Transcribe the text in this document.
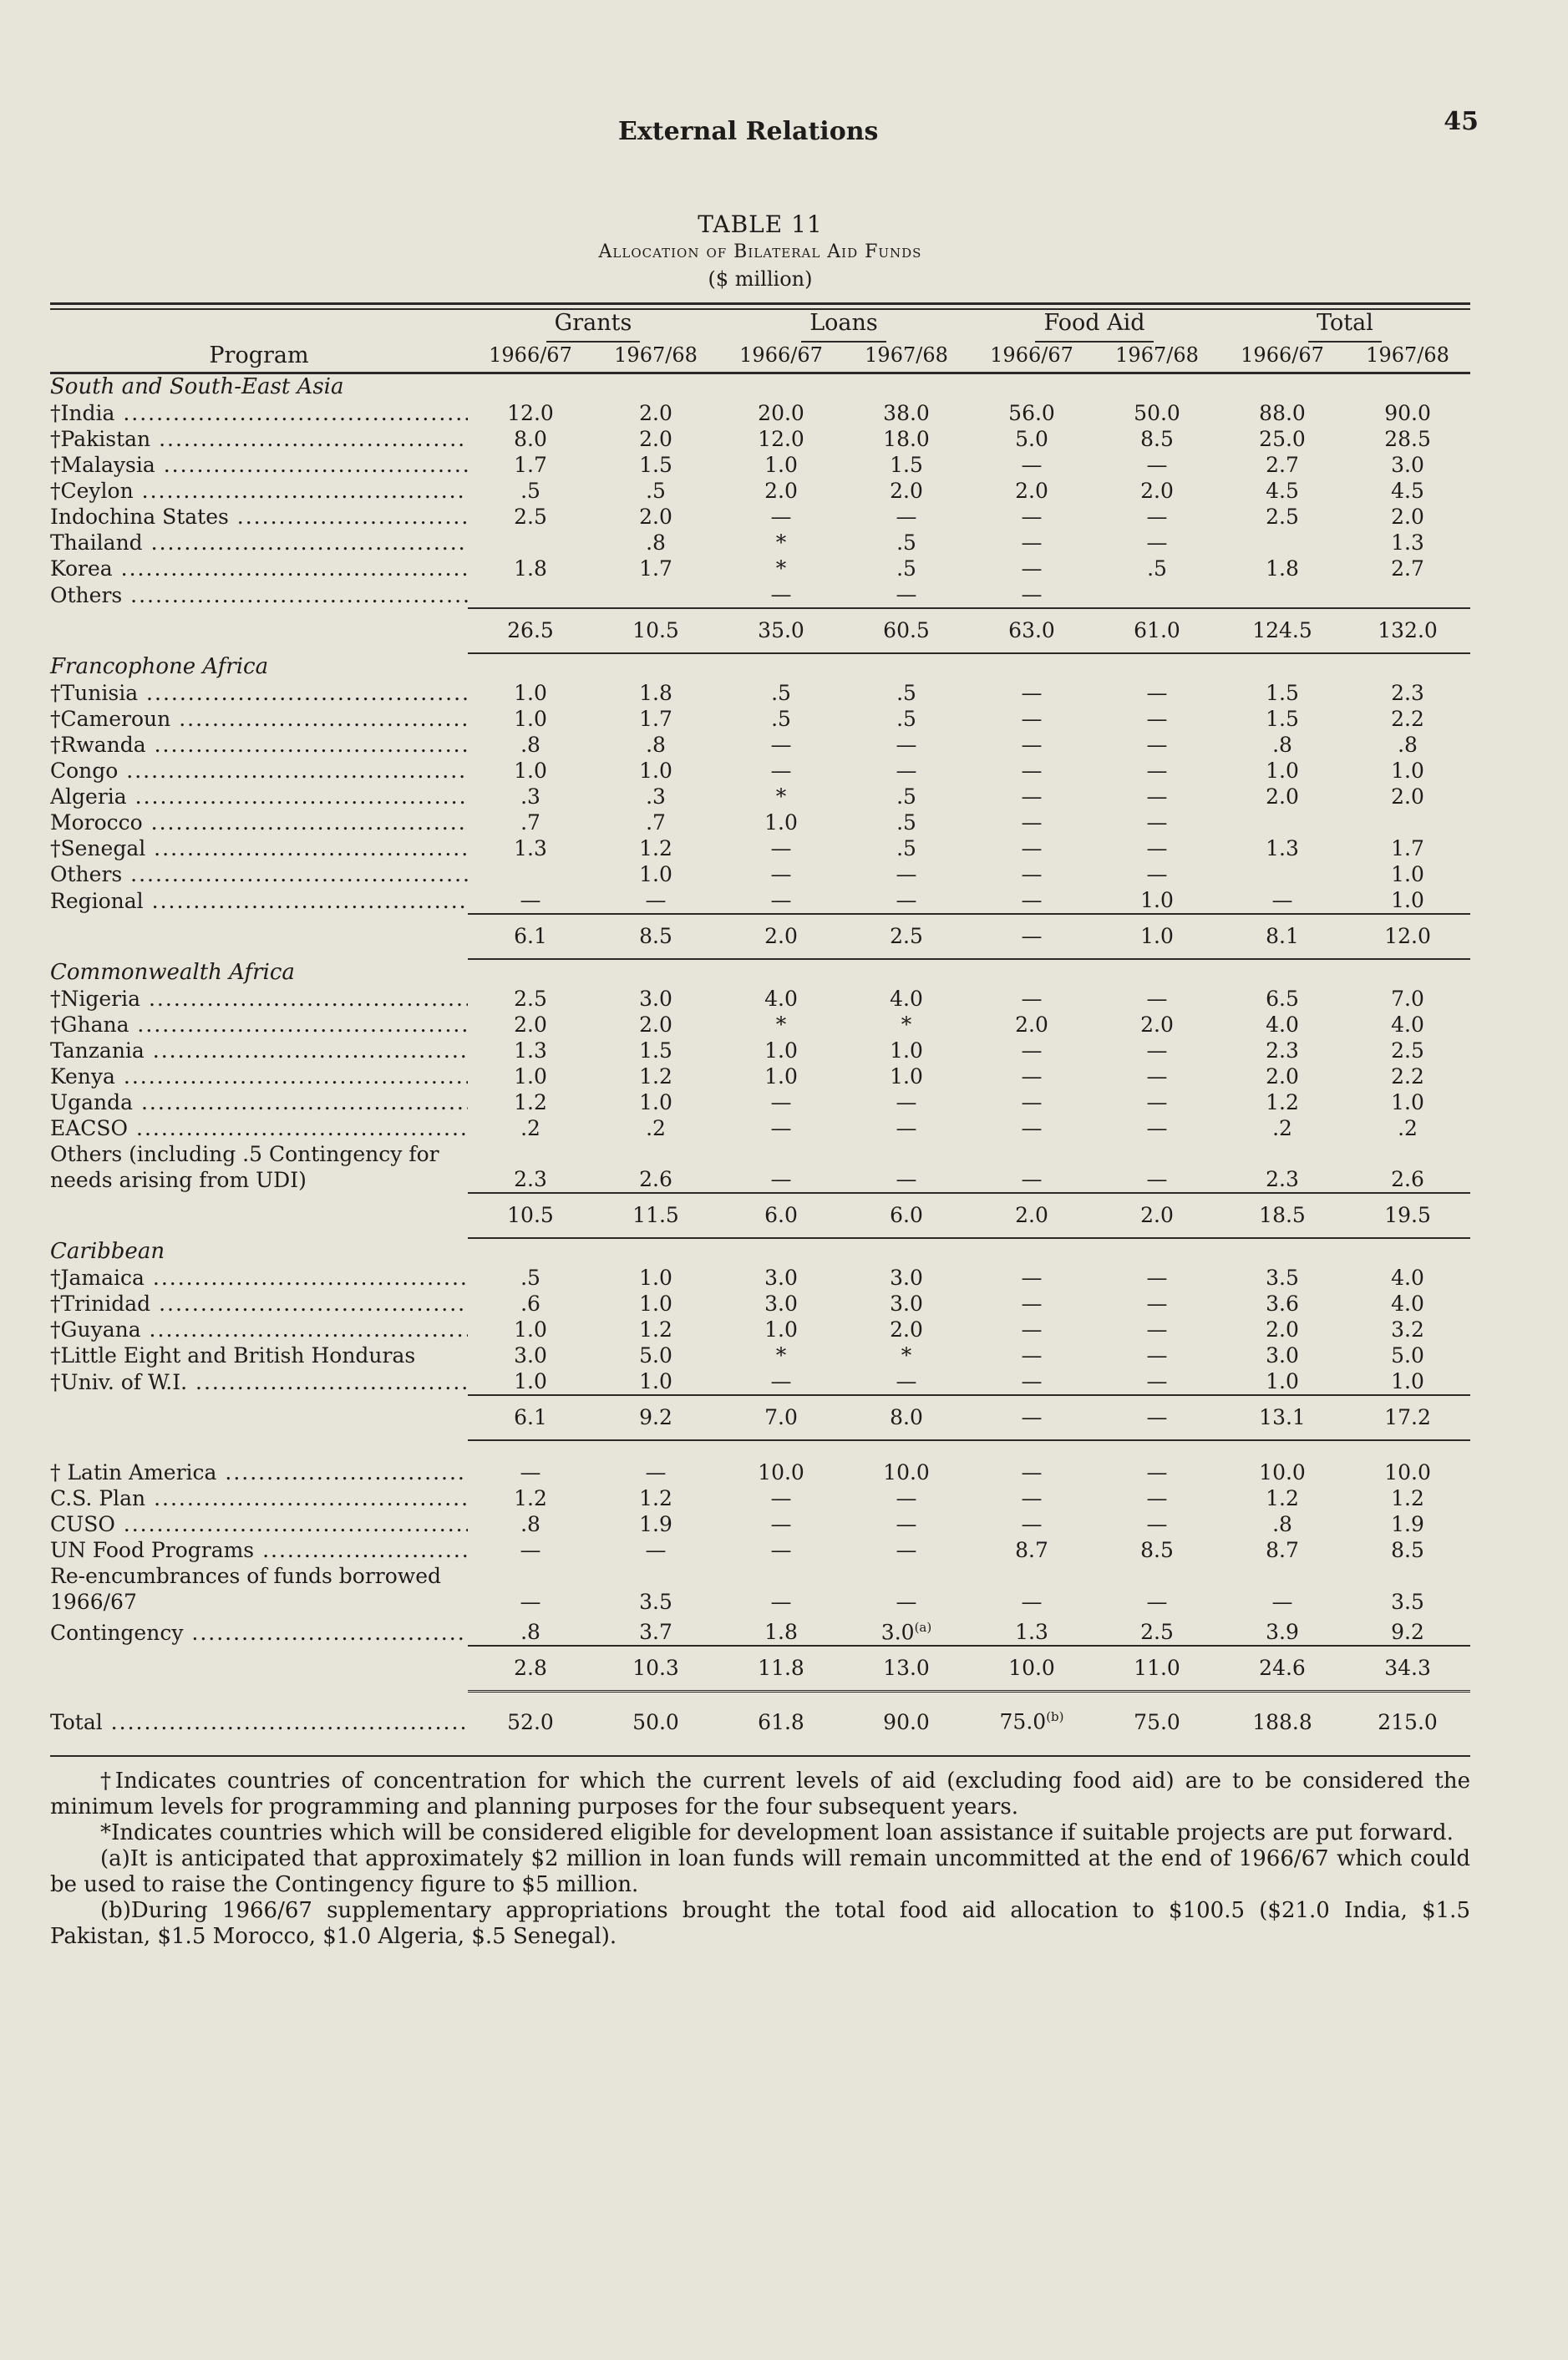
External Relations	45
TABLE 11
Allocation of Bilateral Aid Funds
($ million)
Program	Grants		Loans		Food Aid		Total	
	1966/67	1967/68	1966/67	1967/68	1966/67	1967/68	1966/67	1967/68

South and South-East Asia								
†India .....	12.0	2.0	20.0	38.0	56.0	50.0	88.0	90.0
†Pakistan .....	8.0	2.0	12.0	18.0	5.0	8.5	25.0	28.5
†Malaysia .....	1.7	1.5	1.0	1.5	—	—	2.7	3.0
†Ceylon .....	.5	.5	2.0	2.0	2.0	2.0	4.5	4.5
Indochina States .....	2.5	2.0	—	—	—	—	2.5	2.0
Thailand .....		.8	*	.5	—	—		1.3
Korea .....	1.8	1.7	*	.5	—	.5	1.8	2.7
Others .....			—	—	—			
	26.5	10.5	35.0	60.5	63.0	61.0	124.5	132.0
Francophone Africa								
†Tunisia .....	1.0	1.8	.5	.5	—	—	1.5	2.3
†Cameroun .....	1.0	1.7	.5	.5	—	—	1.5	2.2
†Rwanda .....	.8	.8	—	—	—	—	.8	.8
Congo .....	1.0	1.0	—	—	—	—	1.0	1.0
Algeria .....	.3	.3	*	.5	—	—	2.0	2.0
Morocco .....	.7	.7	1.0	.5	—	—		
†Senegal .....	1.3	1.2	—	.5	—	—	1.3	1.7
Others .....		1.0	—	—	—	—		1.0
Regional .....	—	—	—	—	—	1.0	—	1.0
	6.1	8.5	2.0	2.5	—	1.0	8.1	12.0
Commonwealth Africa								
†Nigeria .....	2.5	3.0	4.0	4.0	—	—	6.5	7.0
†Ghana .....	2.0	2.0	*	*	2.0	2.0	4.0	4.0
Tanzania .....	1.3	1.5	1.0	1.0	—	—	2.3	2.5
Kenya .....	1.0	1.2	1.0	1.0	—	—	2.0	2.2
Uganda .....	1.2	1.0	—	—	—	—	1.2	1.0
EACSO .....	.2	.2	—	—	—	—	.2	.2
Others (including .5 Contingency for needs arising from UDI)	2.3	2.6	—	—	—	—	2.3	2.6
	10.5	11.5	6.0	6.0	2.0	2.0	18.5	19.5
Caribbean								
†Jamaica .....	.5	1.0	3.0	3.0	—	—	3.5	4.0
†Trinidad .....	.6	1.0	3.0	3.0	—	—	3.6	4.0
†Guyana .....	1.0	1.2	1.0	2.0	—	—	2.0	3.2
†Little Eight and British Honduras	3.0	5.0	*	*	—	—	3.0	5.0
†Univ. of W.I. .....	1.0	1.0	—	—	—	—	1.0	1.0
	6.1	9.2	7.0	8.0	—	—	13.1	17.2

† Latin America .....	—	—	10.0	10.0	—	—	10.0	10.0
C.S. Plan .....	1.2	1.2	—	—	—	—	1.2	1.2
CUSO .....	.8	1.9	—	—	—	—	.8	1.9
UN Food Programs .....	—	—	—	—	8.7	8.5	8.7	8.5
Re-encumbrances of funds borrowed 1966/67	—	3.5	—	—	—	—	—	3.5
Contingency .....	.8	3.7	1.8	3.0$^{(a)}$	1.3	2.5	3.9	9.2
	2.8	10.3	11.8	13.0	10.0	11.0	24.6	34.3
Total .....	52.0	50.0	61.8	90.0	75.0$^{(b)}$	75.0	188.8	215.0

†Indicates countries of concentration for which the current levels of aid (excluding food aid) are to be considered the minimum levels for programming and planning purposes for the four subsequent years.

*Indicates countries which will be considered eligible for development loan assistance if suitable projects are put forward.

(a)It is anticipated that approximately $2 million in loan funds will remain uncommitted at the end of 1966/67 which could be used to raise the Contingency figure to $5 million.

(b)During 1966/67 supplementary appropriations brought the total food aid allocation to $100.5 ($21.0 India, $1.5 Pakistan, $1.5 Morocco, $1.0 Algeria, $.5 Senegal).
